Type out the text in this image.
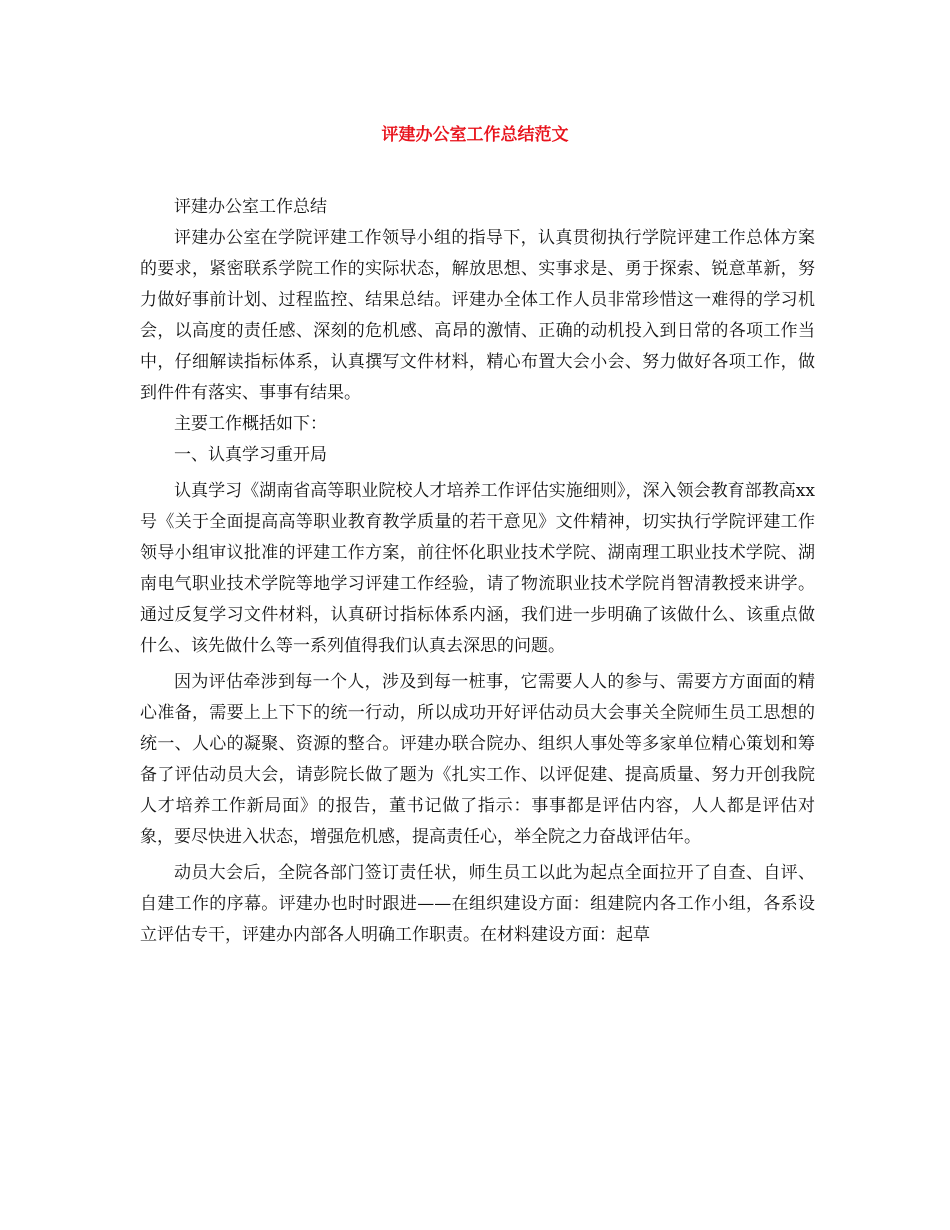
评建办公室工作总结范文

评建办公室工作总结

评建办公室在学院评建工作领导小组的指导下，认真贯彻执行学院评建工作总体方案的要求，紧密联系学院工作的实际状态，解放思想、实事求是、勇于探索、锐意革新，努力做好事前计划、过程监控、结果总结。评建办全体工作人员非常珍惜这一难得的学习机会，以高度的责任感、深刻的危机感、高昂的激情、正确的动机投入到日常的各项工作当中，仔细解读指标体系，认真撰写文件材料，精心布置大会小会、努力做好各项工作，做到件件有落实、事事有结果。

主要工作概括如下：

一、认真学习重开局

认真学习《湖南省高等职业院校人才培养工作评估实施细则》，深入领会教育部教高xx号《关于全面提高高等职业教育教学质量的若干意见》文件精神，切实执行学院评建工作领导小组审议批准的评建工作方案，前往怀化职业技术学院、湖南理工职业技术学院、湖南电气职业技术学院等地学习评建工作经验，请了物流职业技术学院肖智清教授来讲学。通过反复学习文件材料，认真研讨指标体系内涵，我们进一步明确了该做什么、该重点做什么、该先做什么等一系列值得我们认真去深思的问题。

因为评估牵涉到每一个人，涉及到每一桩事，它需要人人的参与、需要方方面面的精心准备，需要上上下下的统一行动，所以成功开好评估动员大会事关全院师生员工思想的统一、人心的凝聚、资源的整合。评建办联合院办、组织人事处等多家单位精心策划和筹备了评估动员大会，请彭院长做了题为《扎实工作、以评促建、提高质量、努力开创我院人才培养工作新局面》的报告，董书记做了指示：事事都是评估内容，人人都是评估对象，要尽快进入状态，增强危机感，提高责任心，举全院之力奋战评估年。

动员大会后，全院各部门签订责任状，师生员工以此为起点全面拉开了自查、自评、自建工作的序幕。评建办也时时跟进——在组织建设方面：组建院内各工作小组，各系设立评估专干，评建办内部各人明确工作职责。在材料建设方面：起草
